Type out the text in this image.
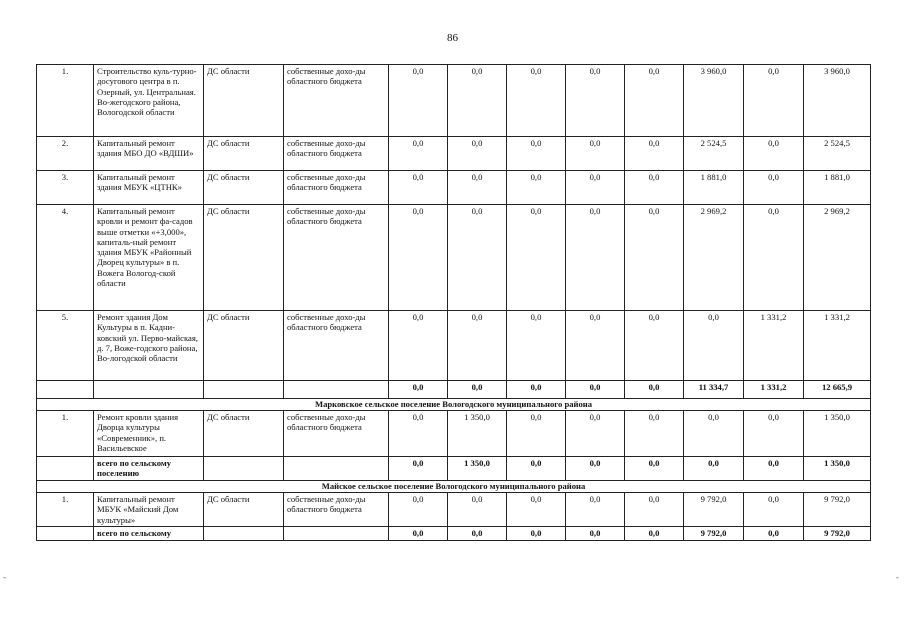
86
1.	Строительство куль-турно-досугового центра в п. Озерный, ул. Центральная. Во-жегодского района, Вологодской области	ДС области	собственные дохо-ды областного бюджета	0,0	0,0	0,0	0,0	0,0	3 960,0	0,0	3 960,0
2.	Капитальный ремонт здания МБО ДО «ВДШИ»	ДС области	собственные дохо-ды областного бюджета	0,0	0,0	0,0	0,0	0,0	2 524,5	0,0	2 524,5
3.	Капитальный ремонт здания МБУК «ЦТНК»	ДС области	собственные дохо-ды областного бюджета	0,0	0,0	0,0	0,0	0,0	1 881,0	0,0	1 881,0
4.	Капитальный ремонт кровли и ремонт фа-садов выше отметки «+3,000», капиталь-ный ремонт здания МБУК «Районный Дворец культуры» в п. Вожега Вологод-ской области	ДС области	собственные дохо-ды областного бюджета	0,0	0,0	0,0	0,0	0,0	2 969,2	0,0	2 969,2
5.	Ремонт здания Дом Культуры в п. Кадни-ковский ул. Перво-майская, д. 7, Воже-годского района, Во-логодской области	ДС области	собственные дохо-ды областного бюджета	0,0	0,0	0,0	0,0	0,0	0,0	1 331,2	1 331,2
				0,0	0,0	0,0	0,0	0,0	11 334,7	1 331,2	12 665,9
Марковское сельское поселение Вологодского муниципального района											
1.	Ремонт кровли здания Дворца культуры «Современник», п. Васильевское	ДС области	собственные дохо-ды областного бюджета	0,0	1 350,0	0,0	0,0	0,0	0,0	0,0	1 350,0
	всего по сельскому поселению			0,0	1 350,0	0,0	0,0	0,0	0,0	0,0	1 350,0
Майское сельское поселение Вологодского муниципального района											
1.	Капитальный ремонт МБУК «Майский Дом культуры»	ДС области	собственные дохо-ды областного бюджета	0,0	0,0	0,0	0,0	0,0	9 792,0	0,0	9 792,0
	всего по сельскому			0,0	0,0	0,0	0,0	0,0	9 792,0	0,0	9 792,0
-	-
